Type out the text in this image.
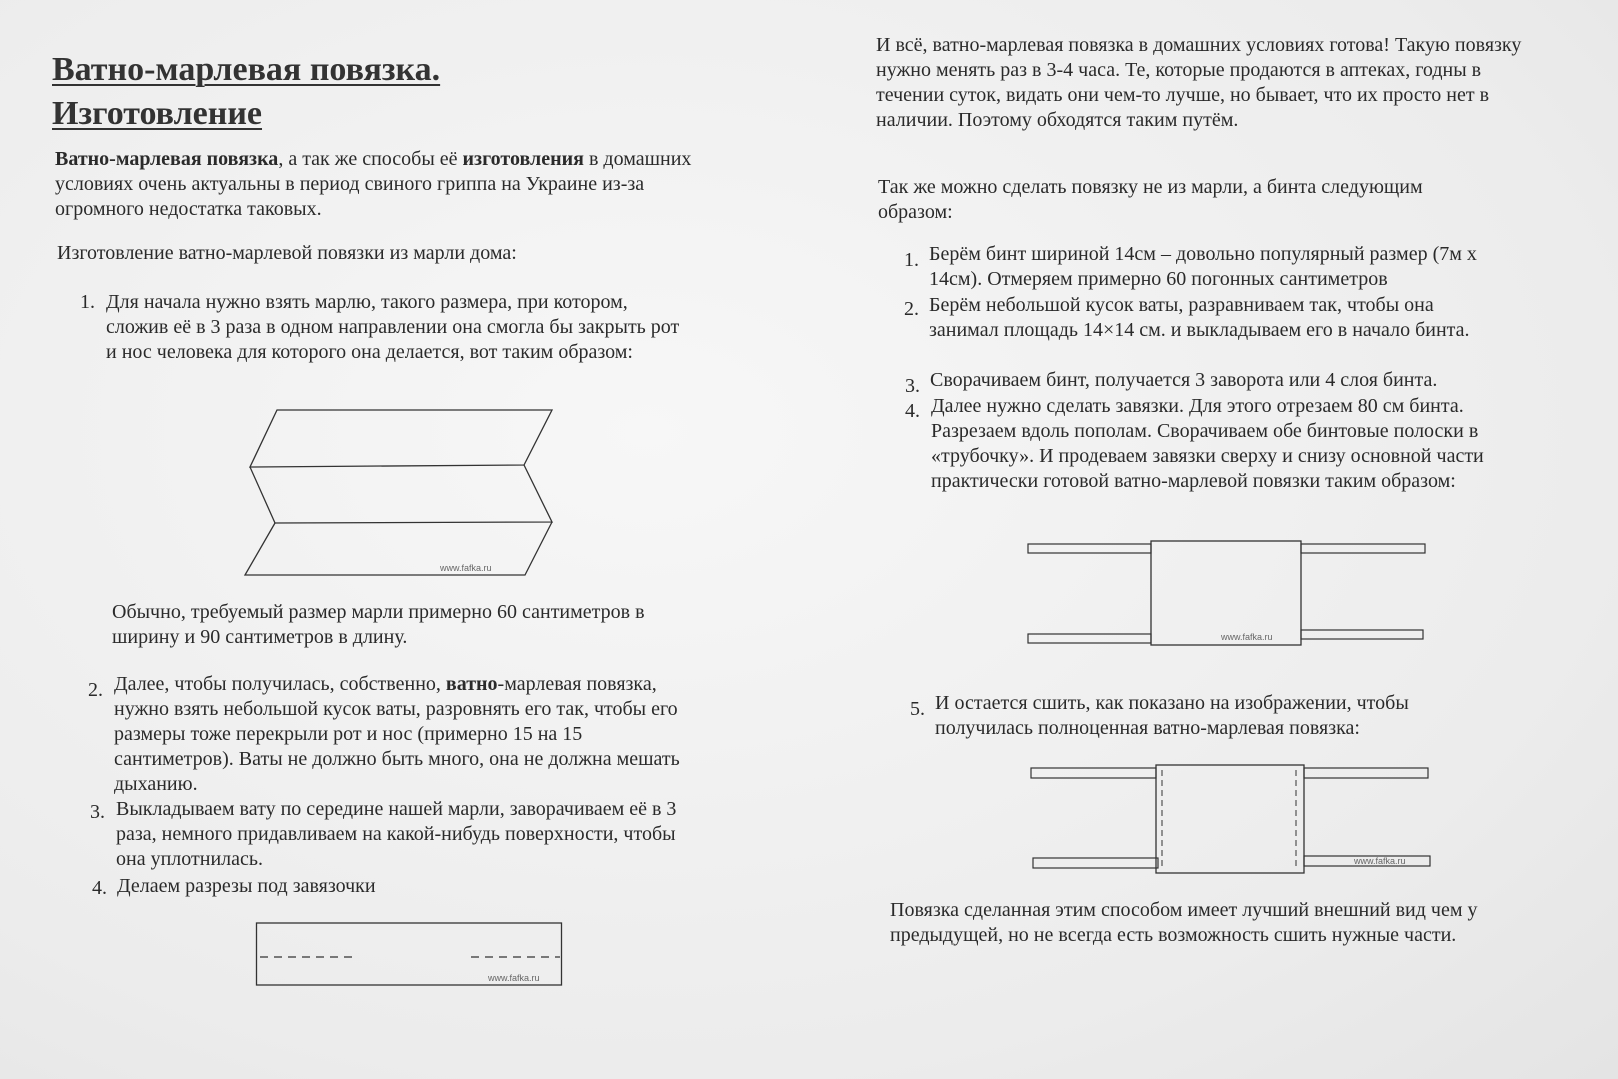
Ватно-марлевая повязка.
Изготовление

Ватно-марлевая повязка, а так же способы её изготовления в домашних условиях очень актуальны в период свиного гриппа на Украине из-за огромного недостатка таковых.

Изготовление ватно-марлевой повязки из марли дома:

1. Для начала нужно взять марлю, такого размера, при котором, сложив её в 3 раза в одном направлении она смогла бы закрыть рот и нос человека для которого она делается, вот таким образом:

www.fafka.ru

Обычно, требуемый размер марли примерно 60 сантиметров в ширину и 90 сантиметров в длину.

2. Далее, чтобы получилась, собственно, ватно-марлевая повязка, нужно взять небольшой кусок ваты, разровнять его так, чтобы его размеры тоже перекрыли рот и нос (примерно 15 на 15 сантиметров). Ваты не должно быть много, она не должна мешать дыханию.

3. Выкладываем вату по середине нашей марли, заворачиваем её в 3 раза, немного придавливаем на какой-нибудь поверхности, чтобы она уплотнилась.

4. Делаем разрезы под завязочки

www.fafka.ru

И всё, ватно-марлевая повязка в домашних условиях готова! Такую повязку нужно менять раз в 3-4 часа. Те, которые продаются в аптеках, годны в течении суток, видать они чем-то лучше, но бывает, что их просто нет в наличии. Поэтому обходятся таким путём.

Так же можно сделать повязку не из марли, а бинта следующим образом:

1. Берём бинт шириной 14см – довольно популярный размер (7м х 14см). Отмеряем примерно 60 погонных сантиметров

2. Берём небольшой кусок ваты, разравниваем так, чтобы она занимал площадь 14×14 см. и выкладываем его в начало бинта.

3. Сворачиваем бинт, получается 3 заворота или 4 слоя бинта.

4. Далее нужно сделать завязки. Для этого отрезаем 80 см бинта. Разрезаем вдоль пополам. Сворачиваем обе бинтовые полоски в «трубочку». И продеваем завязки сверху и снизу основной части практически готовой ватно-марлевой повязки таким образом:

www.fafka.ru
5. И остается сшить, как показано на изображении, чтобы получилась полноценная ватно-марлевая повязка:

www.fafka.ru

Повязка сделанная этим способом имеет лучший внешний вид чем у предыдущей, но не всегда есть возможность сшить нужные части.
